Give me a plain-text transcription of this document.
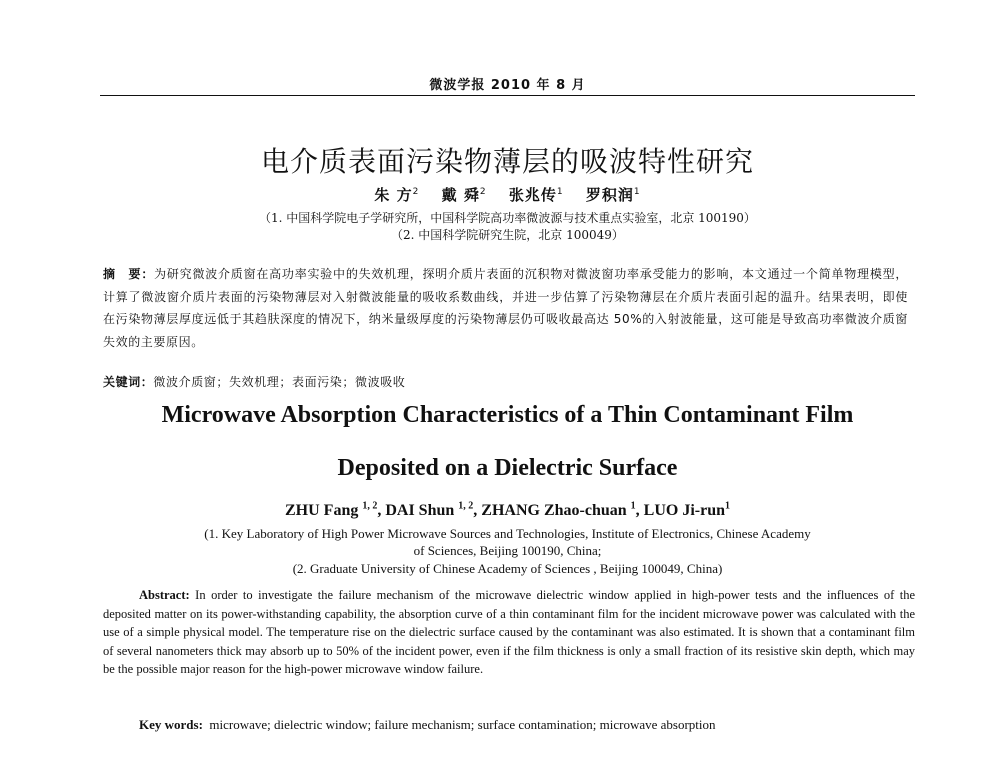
微波学报 2010 年 8 月
电介质表面污染物薄层的吸波特性研究
朱 方$^2$ 戴 舜$^2$ 张兆传$^1$ 罗积润$^1$
（1. 中国科学院电子学研究所，中国科学院高功率微波源与技术重点实验室，北京 100190）
（2. 中国科学院研究生院，北京 100049）
摘　要：为研究微波介质窗在高功率实验中的失效机理，探明介质片表面的沉积物对微波窗功率承受能力的影响，本文通过一个简单物理模型，计算了微波窗介质片表面的污染物薄层对入射微波能量的吸收系数曲线，并进一步估算了污染物薄层在介质片表面引起的温升。结果表明，即使在污染物薄层厚度远低于其趋肤深度的情况下，纳米量级厚度的污染物薄层仍可吸收最高达 50%的入射波能量，这可能是导致高功率微波介质窗失效的主要原因。
关键词：微波介质窗；失效机理；表面污染；微波吸收
Microwave Absorption Characteristics of a Thin Contaminant Film
Deposited on a Dielectric Surface
ZHU Fang $^{1, 2}$, DAI Shun $^{1, 2}$, ZHANG Zhao-chuan $^1$, LUO Ji-run$^1$
(1. Key Laboratory of High Power Microwave Sources and Technologies, Institute of Electronics, Chinese Academy
of Sciences, Beijing 100190, China;
(2. Graduate University of Chinese Academy of Sciences , Beijing 100049, China)
Abstract: In order to investigate the failure mechanism of the microwave dielectric window applied in high-power tests and the influences of the deposited matter on its power-withstanding capability, the absorption curve of a thin contaminant film for the incident microwave power was calculated with the use of a simple physical model. The temperature rise on the dielectric surface caused by the contaminant was also estimated. It is shown that a contaminant film of several nanometers thick may absorb up to 50% of the incident power, even if the film thickness is only a small fraction of its resistive skin depth, which may be the possible major reason for the high-power microwave window failure.
Key words: microwave; dielectric window; failure mechanism; surface contamination; microwave absorption
